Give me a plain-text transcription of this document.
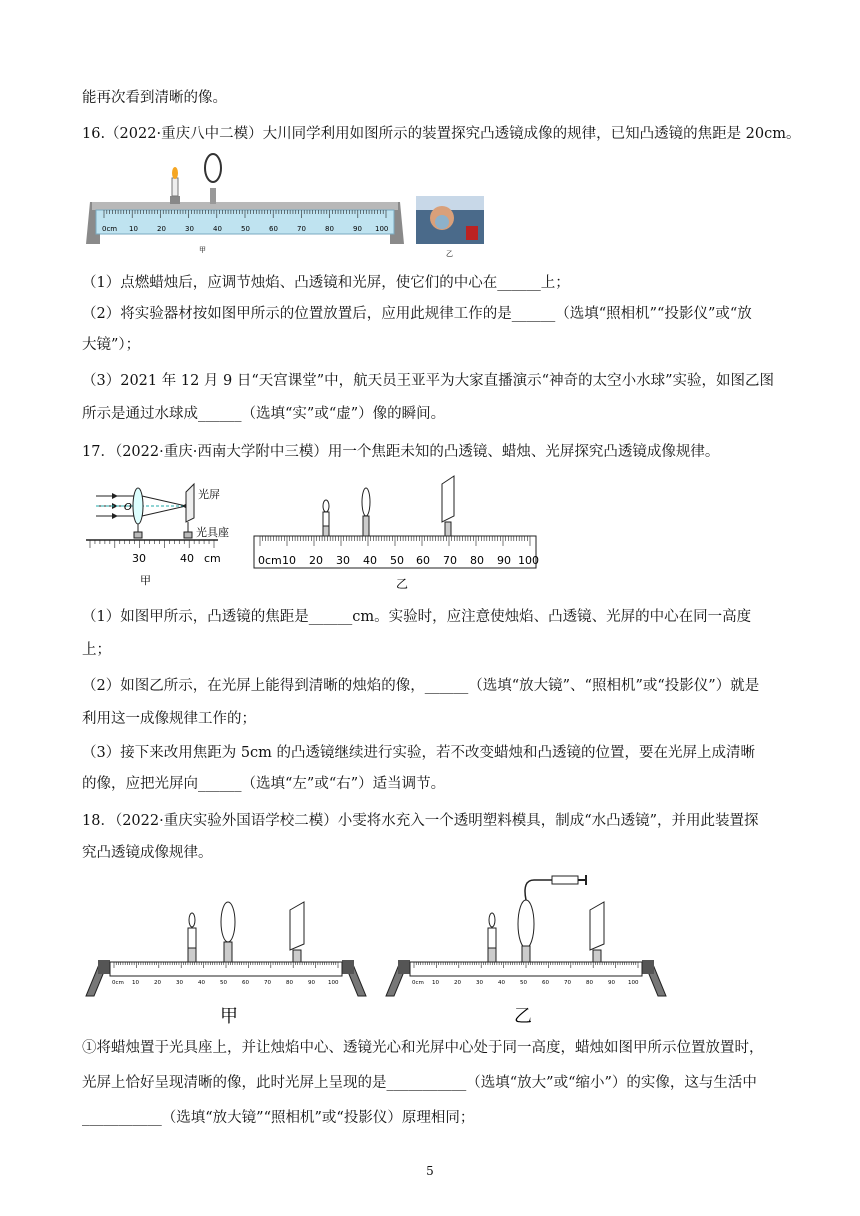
能再次看到清晰的像。
16.（2022·重庆八中二模）大川同学利用如图所示的装置探究凸透镜成像的规律，已知凸透镜的焦距是 20cm。
0cm 10	20	30	40	50	60	70	80	90 100
甲	乙
（1）点燃蜡烛后，应调节烛焰、凸透镜和光屏，使它们的中心在______上；
（2）将实验器材按如图甲所示的位置放置后，应用此规律工作的是______（选填“照相机”“投影仪”或“放
大镜”）；
（3）2021 年 12 月 9 日“天宫课堂”中，航天员王亚平为大家直播演示“神奇的太空小水球”实验，如图乙图
所示是通过水球成______（选填“实”或“虚”）像的瞬间。
17．（2022·重庆·西南大学附中三模）用一个焦距未知的凸透镜、蜡烛、光屏探究凸透镜成像规律。
O
光屏
光具座
30	40 cm
甲
0cm 10 20 30 40 50 60 70 80 90 100
乙
（1）如图甲所示，凸透镜的焦距是______cm。实验时，应注意使烛焰、凸透镜、光屏的中心在同一高度
上；
（2）如图乙所示，在光屏上能得到清晰的烛焰的像，______（选填“放大镜”、“照相机”或“投影仪”）就是
利用这一成像规律工作的；
（3）接下来改用焦距为 5cm 的凸透镜继续进行实验，若不改变蜡烛和凸透镜的位置，要在光屏上成清晰
的像，应把光屏向______（选填“左”或“右”）适当调节。
18．（2022·重庆实验外国语学校二模）小雯将水充入一个透明塑料模具，制成“水凸透镜”，并用此装置探
究凸透镜成像规律。
0cm 10	20	30	40	50	60	70	80	90 100
甲
0cm 10	20	30	40	50	60	70	80	90 100
乙
①将蜡烛置于光具座上，并让烛焰中心、透镜光心和光屏中心处于同一高度，蜡烛如图甲所示位置放置时，
光屏上恰好呈现清晰的像，此时光屏上呈现的是___________（选填“放大”或“缩小”）的实像，这与生活中
___________（选填“放大镜”“照相机”或“投影仪）原理相同；
5
